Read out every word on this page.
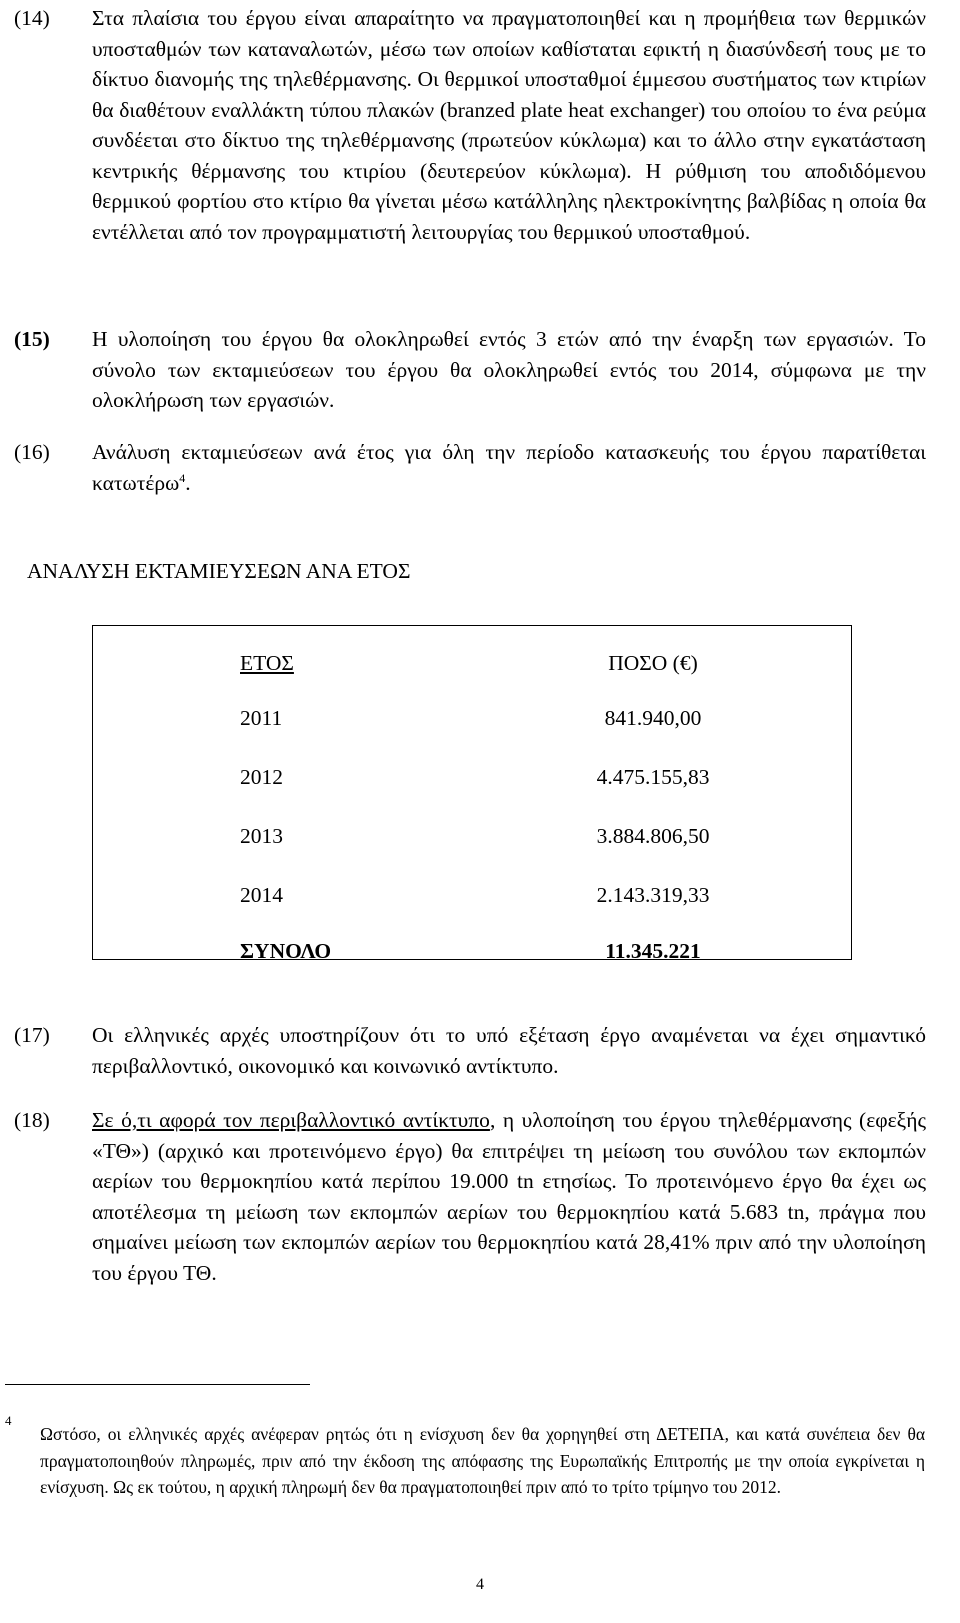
(14)	Στα πλαίσια του έργου είναι απαραίτητο να πραγματοποιηθεί και η προμήθεια των θερμικών υποσταθμών των καταναλωτών, μέσω των οποίων καθίσταται εφικτή η διασύνδεσή τους με το δίκτυο διανομής της τηλεθέρμανσης. Οι θερμικοί υποσταθμοί έμμεσου συστήματος των κτιρίων θα διαθέτουν εναλλάκτη τύπου πλακών (branzed plate heat exchanger) του οποίου το ένα ρεύμα συνδέεται στο δίκτυο της τηλεθέρμανσης (πρωτεύον κύκλωμα) και το άλλο στην εγκατάσταση κεντρικής θέρμανσης του κτιρίου (δευτερεύον κύκλωμα). Η ρύθμιση του αποδιδόμενου θερμικού φορτίου στο κτίριο θα γίνεται μέσω κατάλληλης ηλεκτροκίνητης βαλβίδας η οποία θα εντέλλεται από τον προγραμματιστή λειτουργίας του θερμικού υποσταθμού.
(15)	Η υλοποίηση του έργου θα ολοκληρωθεί εντός 3 ετών από την έναρξη των εργασιών. Το σύνολο των εκταμιεύσεων του έργου θα ολοκληρωθεί εντός του 2014, σύμφωνα με την ολοκλήρωση των εργασιών.
(16)	Ανάλυση εκταμιεύσεων ανά έτος για όλη την περίοδο κατασκευής του έργου παρατίθεται κατωτέρω$^4$.
ΑΝΑΛΥΣΗ ΕΚΤΑΜΙΕΥΣΕΩΝ ΑΝΑ ΕΤΟΣ
ΕΤΟΣ	ΠΟΣΟ (€)
2011	841.940,00
2012	4.475.155,83
2013	3.884.806,50
2014	2.143.319,33
ΣΥΝΟΛΟ	11.345.221
(17)	Οι ελληνικές αρχές υποστηρίζουν ότι το υπό εξέταση έργο αναμένεται να έχει σημαντικό περιβαλλοντικό, οικονομικό και κοινωνικό αντίκτυπο.
(18)	Σε ό,τι αφορά τον περιβαλλοντικό αντίκτυπο, η υλοποίηση του έργου τηλεθέρμανσης (εφεξής «ΤΘ») (αρχικό και προτεινόμενο έργο) θα επιτρέψει τη μείωση του συνόλου των εκπομπών αερίων του θερμοκηπίου κατά περίπου 19.000 tn ετησίως. Το προτεινόμενο έργο θα έχει ως αποτέλεσμα τη μείωση των εκπομπών αερίων του θερμοκηπίου κατά 5.683 tn, πράγμα που σημαίνει μείωση των εκπομπών αερίων του θερμοκηπίου κατά 28,41% πριν από την υλοποίηση του έργου ΤΘ.
4
Ωστόσο, οι ελληνικές αρχές ανέφεραν ρητώς ότι η ενίσχυση δεν θα χορηγηθεί στη ΔΕΤΕΠΑ, και κατά συνέπεια δεν θα πραγματοποιηθούν πληρωμές, πριν από την έκδοση της απόφασης της Ευρωπαϊκής Επιτροπής με την οποία εγκρίνεται η ενίσχυση. Ως εκ τούτου, η αρχική πληρωμή δεν θα πραγματοποιηθεί πριν από το τρίτο τρίμηνο του 2012.
4
